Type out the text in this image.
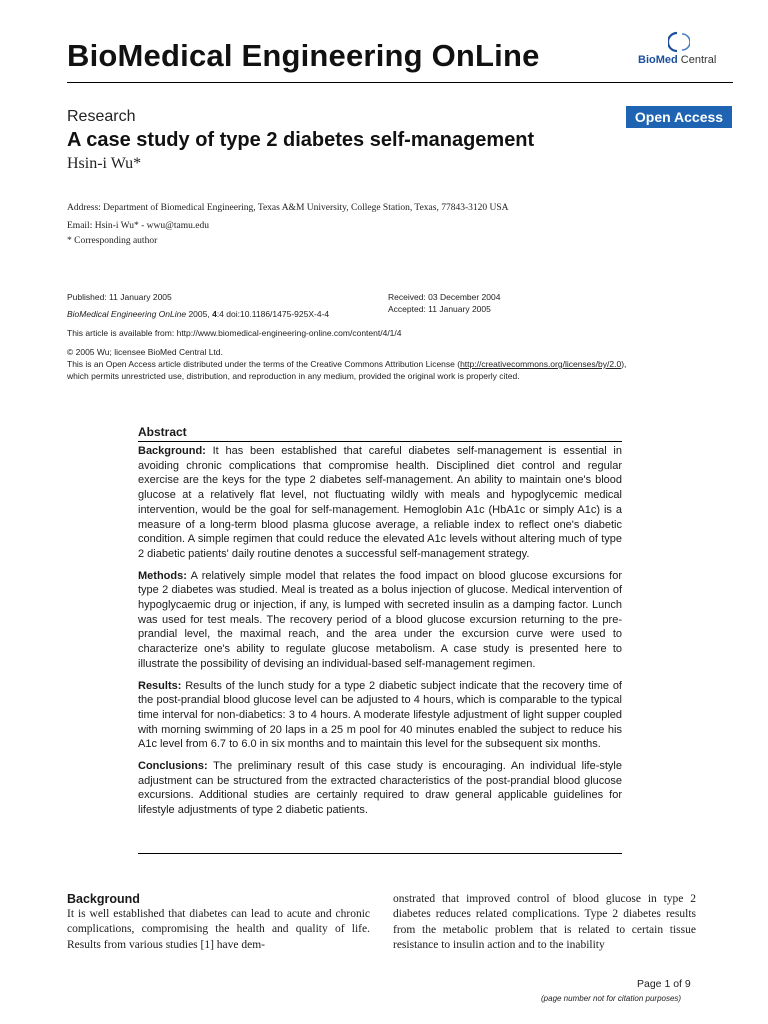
BioMedical Engineering OnLine	BioMed Central
Research	Open Access
A case study of type 2 diabetes self-management
Hsin-i Wu*
Address: Department of Biomedical Engineering, Texas A&M University, College Station, Texas, 77843-3120 USA
Email: Hsin-i Wu* - wwu@tamu.edu
* Corresponding author
Published: 11 January 2005
BioMedical Engineering OnLine 2005, 4:4 doi:10.1186/1475-925X-4-4
Received: 03 December 2004
Accepted: 11 January 2005
This article is available from: http://www.biomedical-engineering-online.com/content/4/1/4
© 2005 Wu; licensee BioMed Central Ltd.
This is an Open Access article distributed under the terms of the Creative Commons Attribution License (http://creativecommons.org/licenses/by/2.0),
which permits unrestricted use, distribution, and reproduction in any medium, provided the original work is properly cited.
Abstract

Background: It has been established that careful diabetes self-management is essential in avoiding chronic complications that compromise health. Disciplined diet control and regular exercise are the keys for the type 2 diabetes self-management. An ability to maintain one's blood glucose at a relatively flat level, not fluctuating wildly with meals and hypoglycemic medical intervention, would be the goal for self-management. Hemoglobin A1c (HbA1c or simply A1c) is a measure of a long-term blood plasma glucose average, a reliable index to reflect one's diabetic condition. A simple regimen that could reduce the elevated A1c levels without altering much of type 2 diabetic patients' daily routine denotes a successful self-management strategy.

Methods: A relatively simple model that relates the food impact on blood glucose excursions for type 2 diabetes was studied. Meal is treated as a bolus injection of glucose. Medical intervention of hypoglycaemic drug or injection, if any, is lumped with secreted insulin as a damping factor. Lunch was used for test meals. The recovery period of a blood glucose excursion returning to the pre-prandial level, the maximal reach, and the area under the excursion curve were used to characterize one's ability to regulate glucose metabolism. A case study is presented here to illustrate the possibility of devising an individual-based self-management regimen.

Results: Results of the lunch study for a type 2 diabetic subject indicate that the recovery time of the post-prandial blood glucose level can be adjusted to 4 hours, which is comparable to the typical time interval for non-diabetics: 3 to 4 hours. A moderate lifestyle adjustment of light supper coupled with morning swimming of 20 laps in a 25 m pool for 40 minutes enabled the subject to reduce his A1c level from 6.7 to 6.0 in six months and to maintain this level for the subsequent six months.

Conclusions: The preliminary result of this case study is encouraging. An individual life-style adjustment can be structured from the extracted characteristics of the post-prandial blood glucose excursions. Additional studies are certainly required to draw general applicable guidelines for lifestyle adjustments of type 2 diabetic patients.

Background
It is well established that diabetes can lead to acute and chronic complications, compromising the health and quality of life. Results from various studies [1] have dem-
onstrated that improved control of blood glucose in type 2 diabetes reduces related complications. Type 2 diabetes results from the metabolic problem that is related to certain tissue resistance to insulin action and to the inability
Page 1 of 9
(page number not for citation purposes)
